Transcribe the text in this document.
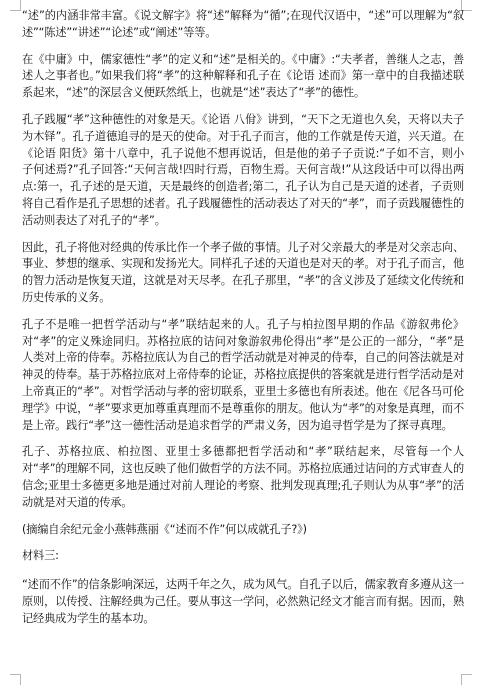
“述”的内涵非常丰富。《说文解字》将“述”解释为“循”;在现代汉语中，“述”可以理解为“叙述”“陈述”“讲述”“论述”或“阐述”等等。

在《中庸》中，儒家德性“孝”的定义和“述”是相关的。《中庸》:“夫孝者，善继人之志，善述人之事者也。”如果我们将“孝”的这种解释和孔子在《论语 述而》第一章中的自我描述联系起来，“述”的深层含义便跃然纸上，也就是“述”表达了“孝”的德性。

孔子践履“孝”这种德性的对象是天。《论语 八佾》讲到，“天下之无道也久矣，天将以夫子为木铎”。孔子道德追寻的是天的使命。对于孔子而言，他的工作就是传天道，兴天道。在《论语 阳货》第十八章中，孔子说他不想再说话，但是他的弟子子贡说:“子如不言，则小子何述焉?”孔子回答:“天何言哉!四时行焉，百物生焉。天何言哉!”从这段话中可以得出两点:第一，孔子述的是天道，天是最终的创造者;第二，孔子认为自己是天道的述者，子贡则将自己看作是孔子思想的述者。孔子践履德性的活动表达了对天的“孝”，而子贡践履德性的活动则表达了对孔子的“孝”。

因此，孔子将他对经典的传承比作一个孝子做的事情。儿子对父亲最大的孝是对父亲志向、事业、梦想的继承、实现和发扬光大。同样孔子述的天道也是对天的孝。对于孔子而言，他的智力活动是恢复天道，这就是对天尽孝。在孔子那里，“孝”的含义涉及了延续文化传统和历史传承的义务。

孔子不是唯一把哲学活动与“孝”联结起来的人。孔子与柏拉图早期的作品《游叙弗伦》对“孝”的定义殊途同归。苏格拉底的诘问对象游叙弗伦得出“孝”是公正的一部分，“孝”是人类对上帝的侍奉。苏格拉底认为自己的哲学活动就是对神灵的侍奉，自己的问答法就是对神灵的侍奉。基于苏格拉底对上帝侍奉的论证，苏格拉底提供的答案就是进行哲学活动是对上帝真正的“孝”。对哲学活动与孝的密切联系，亚里士多德也有所表述。他在《尼各马可伦理学》中说，“孝”要求更加尊重真理而不是尊重你的朋友。他认为“孝”的对象是真理，而不是上帝。践行“孝”这一德性活动是追求哲学的严肃义务，因为追寻哲学是为了探寻真理。

孔子、苏格拉底、柏拉图、亚里士多德都把哲学活动和“孝”联结起来，尽管每一个人对“孝”的理解不同，这也反映了他们做哲学的方法不同。苏格拉底通过诘问的方式审查人的信念;亚里士多德更多地是通过对前人理论的考察、批判发现真理;孔子则认为从事“孝”的活动就是对天道的传承。

(摘编自余纪元金小燕韩燕丽《“述而不作”何以成就孔子?》)

材料三:

“述而不作”的信条影响深远，达两千年之久，成为风气。自孔子以后，儒家教育多遵从这一原则，以传授、注解经典为己任。要从事这一学问，必然熟记经文才能言而有据。因而，熟记经典成为学生的基本功。
